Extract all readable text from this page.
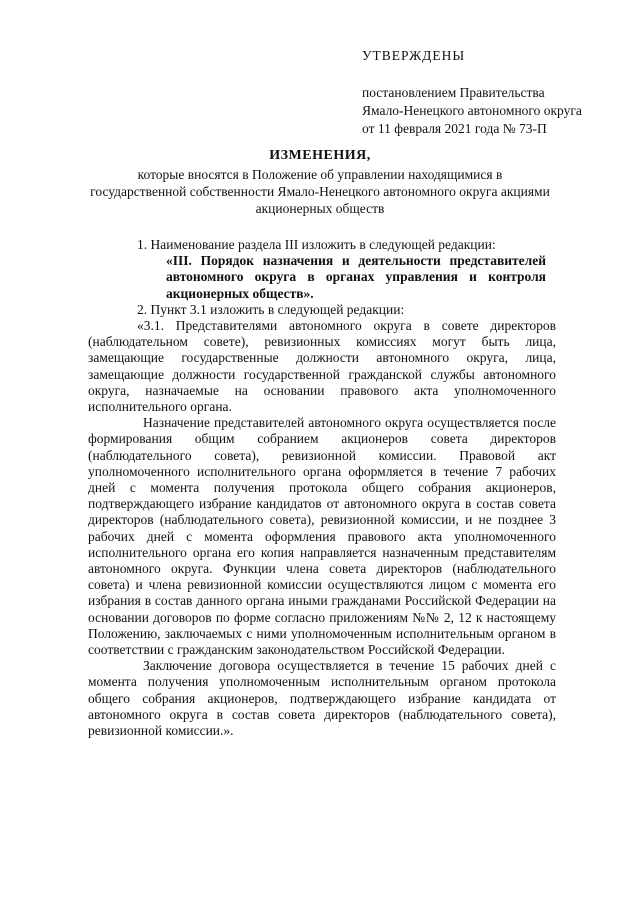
УТВЕРЖДЕНЫ
постановлением Правительства
Ямало-Ненецкого автономного округа
от 11 февраля 2021 года № 73-П
ИЗМЕНЕНИЯ,
которые вносятся в Положение об управлении находящимися в государственной собственности Ямало-Ненецкого автономного округа акциями акционерных обществ

1. Наименование раздела III изложить в следующей редакции:

«III. Порядок назначения и деятельности представителей автономного округа в органах управления и контроля акционерных обществ».

2. Пункт 3.1 изложить в следующей редакции:

«3.1. Представителями автономного округа в совете директоров (наблюдательном совете), ревизионных комиссиях могут быть лица, замещающие государственные должности автономного округа, лица, замещающие должности государственной гражданской службы автономного округа, назначаемые на основании правового акта уполномоченного исполнительного органа.

Назначение представителей автономного округа осуществляется после формирования общим собранием акционеров совета директоров (наблюдательного совета), ревизионной комиссии. Правовой акт уполномоченного исполнительного органа оформляется в течение 7 рабочих дней с момента получения протокола общего собрания акционеров, подтверждающего избрание кандидатов от автономного округа в состав совета директоров (наблюдательного совета), ревизионной комиссии, и не позднее 3 рабочих дней с момента оформления правового акта уполномоченного исполнительного органа его копия направляется назначенным представителям автономного округа. Функции члена совета директоров (наблюдательного совета) и члена ревизионной комиссии осуществляются лицом с момента его избрания в состав данного органа иными гражданами Российской Федерации на основании договоров по форме согласно приложениям №№ 2, 12 к настоящему Положению, заключаемых с ними уполномоченным исполнительным органом в соответствии с гражданским законодательством Российской Федерации.

Заключение договора осуществляется в течение 15 рабочих дней с момента получения уполномоченным исполнительным органом протокола общего собрания акционеров, подтверждающего избрание кандидата от автономного округа в состав совета директоров (наблюдательного совета), ревизионной комиссии.».
